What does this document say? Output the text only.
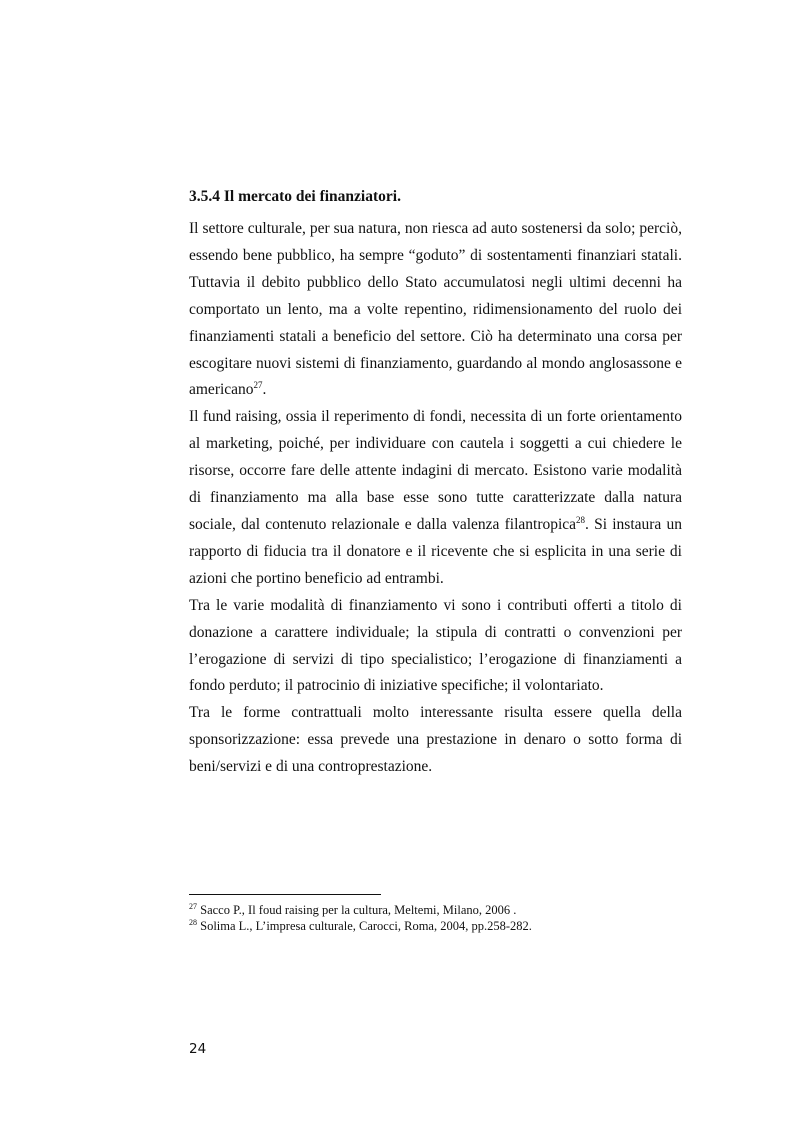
3.5.4 Il mercato dei finanziatori.

Il settore culturale, per sua natura, non riesca ad auto sostenersi da solo; perciò, essendo bene pubblico, ha sempre “goduto” di sostentamenti finanziari statali. Tuttavia il debito pubblico dello Stato accumulatosi negli ultimi decenni ha comportato un lento, ma a volte repentino, ridimensionamento del ruolo dei finanziamenti statali a beneficio del settore. Ciò ha determinato una corsa per escogitare nuovi sistemi di finanziamento, guardando al mondo anglosassone e americano$^{27}$.

Il fund raising, ossia il reperimento di fondi, necessita di un forte orientamento al marketing, poiché, per individuare con cautela i soggetti a cui chiedere le risorse, occorre fare delle attente indagini di mercato. Esistono varie modalità di finanziamento ma alla base esse sono tutte caratterizzate dalla natura sociale, dal contenuto relazionale e dalla valenza filantropica$^{28}$. Si instaura un rapporto di fiducia tra il donatore e il ricevente che si esplicita in una serie di azioni che portino beneficio ad entrambi.

Tra le varie modalità di finanziamento vi sono i contributi offerti a titolo di donazione a carattere individuale; la stipula di contratti o convenzioni per l’erogazione di servizi di tipo specialistico; l’erogazione di finanziamenti a fondo perduto; il patrocinio di iniziative specifiche; il volontariato.

Tra le forme contrattuali molto interessante risulta essere quella della sponsorizzazione: essa prevede una prestazione in denaro o sotto forma di beni/servizi e di una controprestazione.

$^{27}$ Sacco P., Il foud raising per la cultura, Meltemi, Milano, 2006 .

$^{28}$ Solima L., L’impresa culturale, Carocci, Roma, 2004, pp.258-282.

24
